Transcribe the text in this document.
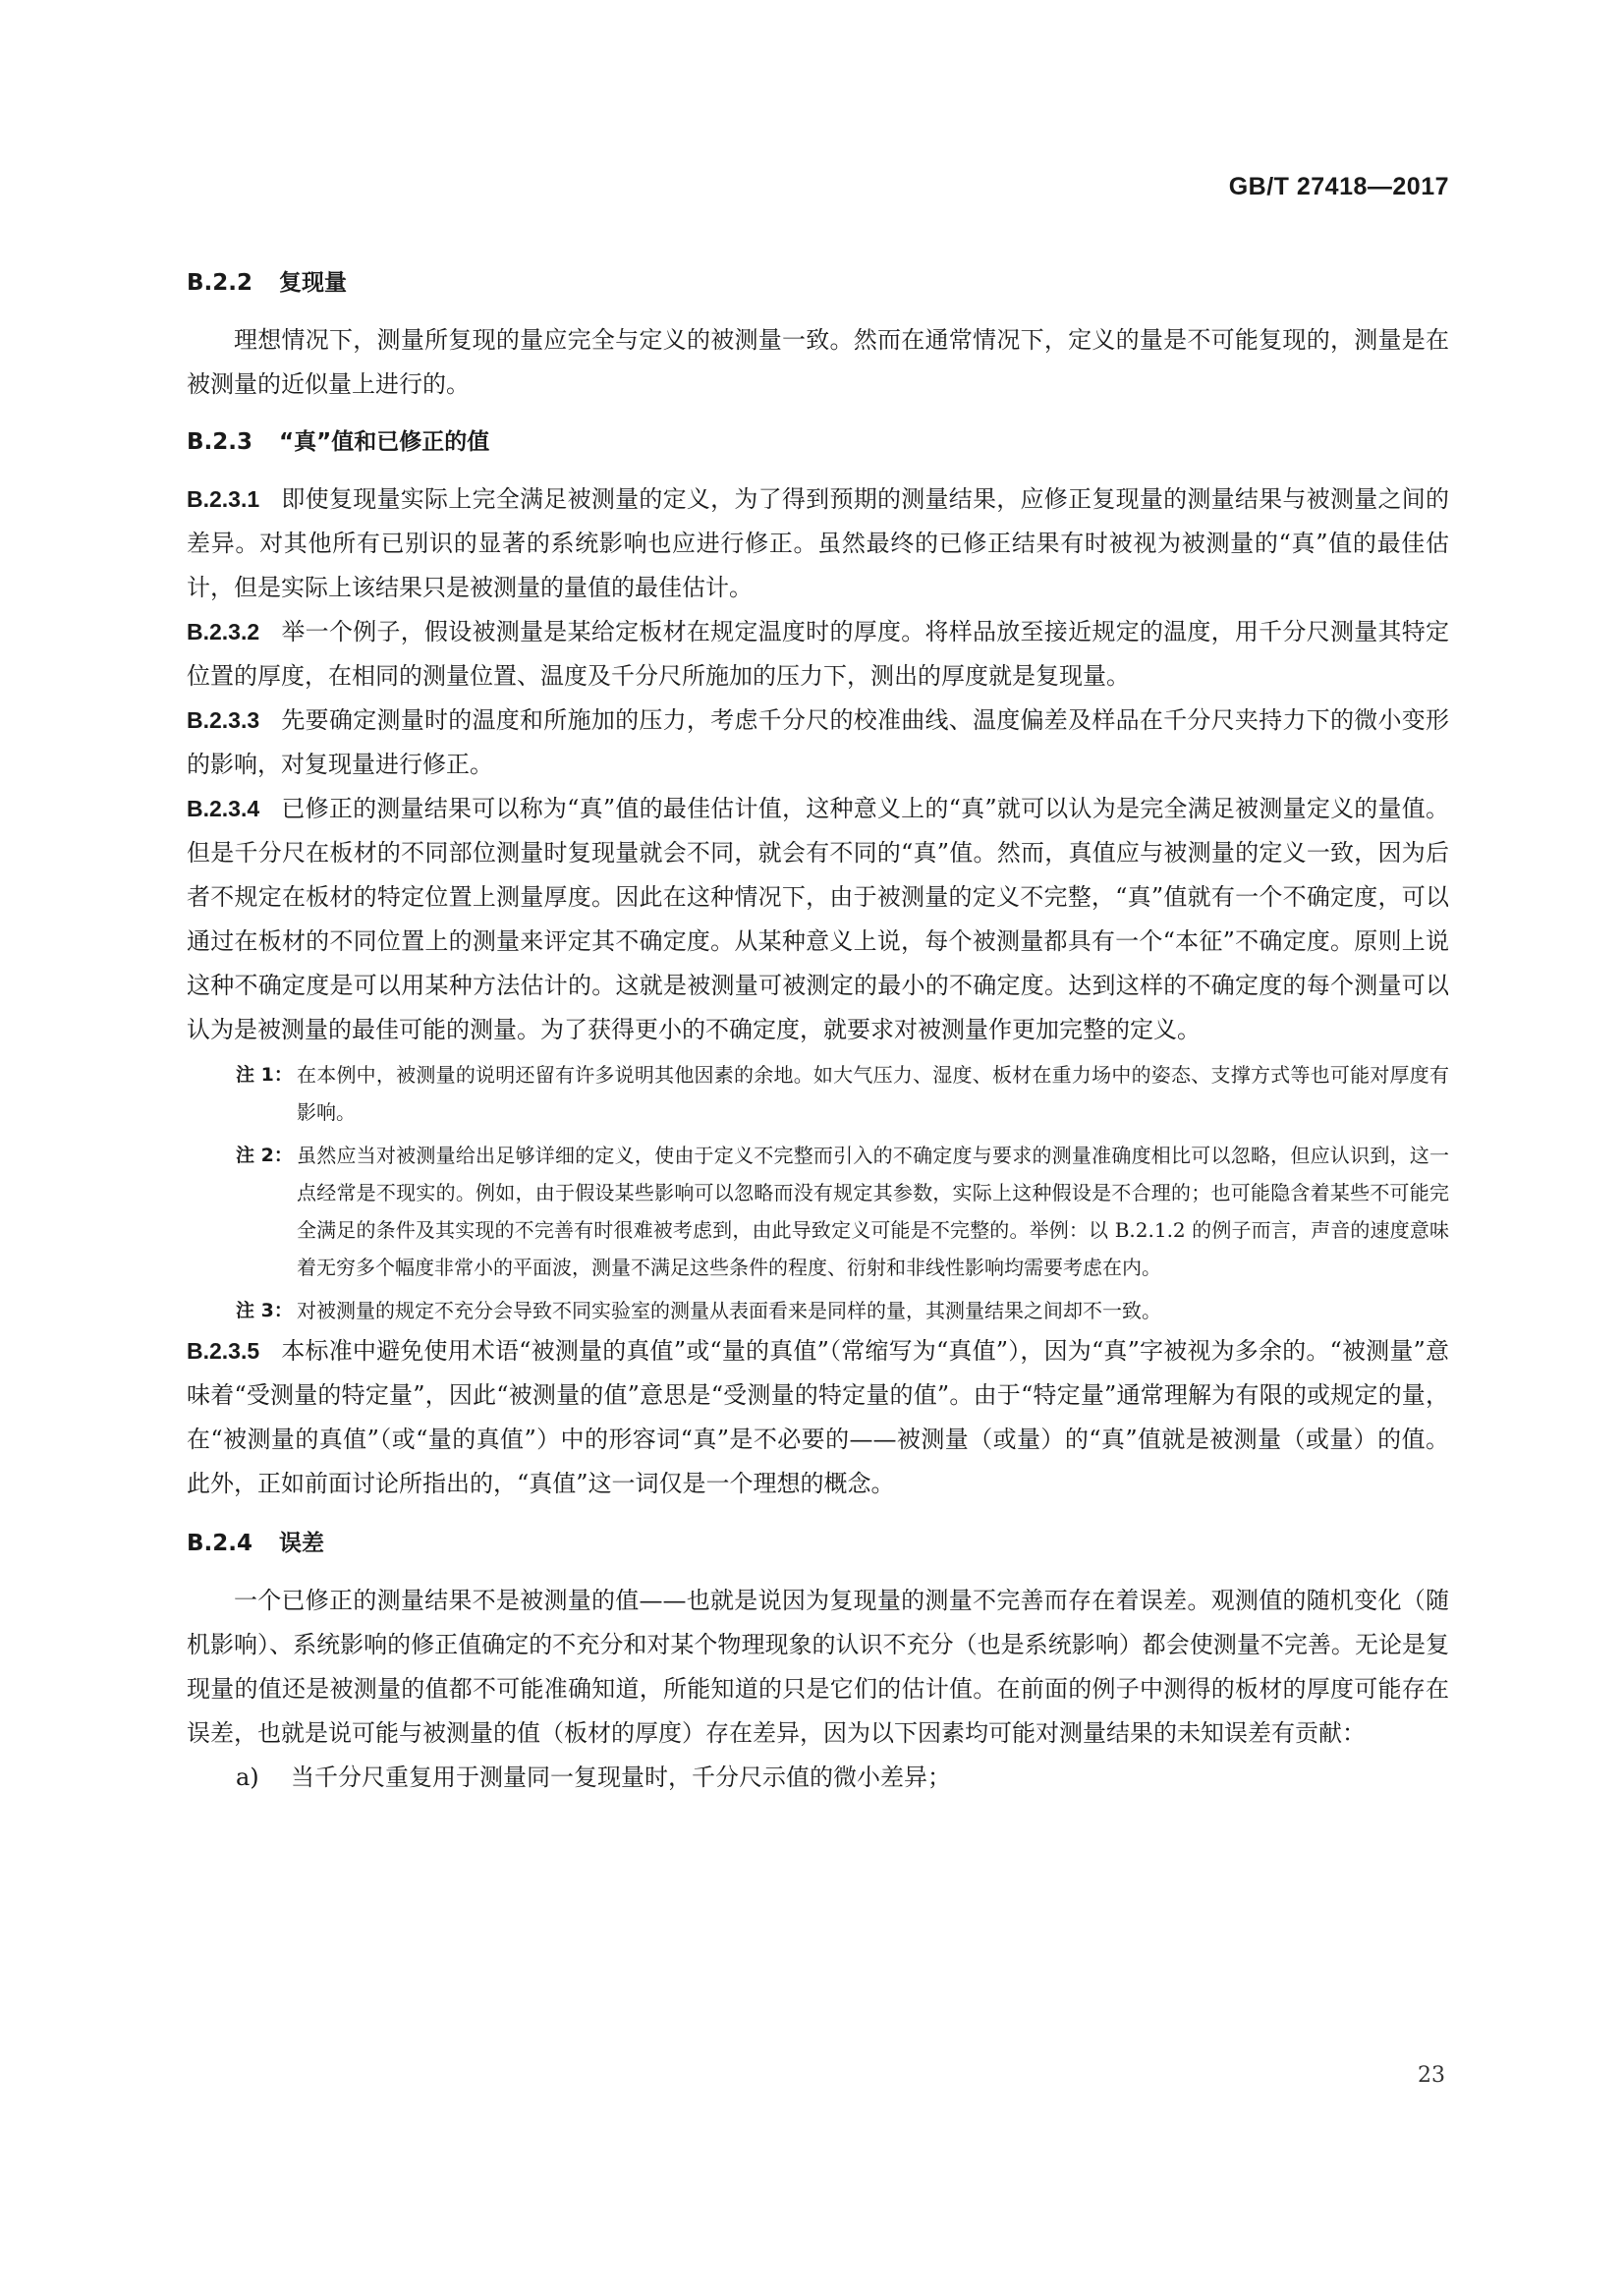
GB/T 27418—2017
B.2.2 复现量
理想情况下，测量所复现的量应完全与定义的被测量一致。然而在通常情况下，定义的量是不可能复现的，测量是在被测量的近似量上进行的。
B.2.3 “真”值和已修正的值
B.2.3.1 即使复现量实际上完全满足被测量的定义，为了得到预期的测量结果，应修正复现量的测量结果与被测量之间的差异。对其他所有已别识的显著的系统影响也应进行修正。虽然最终的已修正结果有时被视为被测量的“真”值的最佳估计，但是实际上该结果只是被测量的量值的最佳估计。
B.2.3.2 举一个例子，假设被测量是某给定板材在规定温度时的厚度。将样品放至接近规定的温度，用千分尺测量其特定位置的厚度，在相同的测量位置、温度及千分尺所施加的压力下，测出的厚度就是复现量。
B.2.3.3 先要确定测量时的温度和所施加的压力，考虑千分尺的校准曲线、温度偏差及样品在千分尺夹持力下的微小变形的影响，对复现量进行修正。
B.2.3.4 已修正的测量结果可以称为“真”值的最佳估计值，这种意义上的“真”就可以认为是完全满足被测量定义的量值。但是千分尺在板材的不同部位测量时复现量就会不同，就会有不同的“真”值。然而，真值应与被测量的定义一致，因为后者不规定在板材的特定位置上测量厚度。因此在这种情况下，由于被测量的定义不完整，“真”值就有一个不确定度，可以通过在板材的不同位置上的测量来评定其不确定度。从某种意义上说，每个被测量都具有一个“本征”不确定度。原则上说这种不确定度是可以用某种方法估计的。这就是被测量可被测定的最小的不确定度。达到这样的不确定度的每个测量可以认为是被测量的最佳可能的测量。为了获得更小的不确定度，就要求对被测量作更加完整的定义。
注 1： 在本例中，被测量的说明还留有许多说明其他因素的余地。如大气压力、湿度、板材在重力场中的姿态、支撑方式等也可能对厚度有影响。
注 2： 虽然应当对被测量给出足够详细的定义，使由于定义不完整而引入的不确定度与要求的测量准确度相比可以忽略，但应认识到，这一点经常是不现实的。例如，由于假设某些影响可以忽略而没有规定其参数，实际上这种假设是不合理的；也可能隐含着某些不可能完全满足的条件及其实现的不完善有时很难被考虑到，由此导致定义可能是不完整的。举例：以 B.2.1.2 的例子而言，声音的速度意味着无穷多个幅度非常小的平面波，测量不满足这些条件的程度、衍射和非线性影响均需要考虑在内。
注 3： 对被测量的规定不充分会导致不同实验室的测量从表面看来是同样的量，其测量结果之间却不一致。
B.2.3.5 本标准中避免使用术语“被测量的真值”或“量的真值”（常缩写为“真值”），因为“真”字被视为多余的。“被测量”意味着“受测量的特定量”，因此“被测量的值”意思是“受测量的特定量的值”。由于“特定量”通常理解为有限的或规定的量，在“被测量的真值”（或“量的真值”）中的形容词“真”是不必要的——被测量（或量）的“真”值就是被测量（或量）的值。此外，正如前面讨论所指出的，“真值”这一词仅是一个理想的概念。
B.2.4 误差
一个已修正的测量结果不是被测量的值——也就是说因为复现量的测量不完善而存在着误差。观测值的随机变化（随机影响）、系统影响的修正值确定的不充分和对某个物理现象的认识不充分（也是系统影响）都会使测量不完善。无论是复现量的值还是被测量的值都不可能准确知道，所能知道的只是它们的估计值。在前面的例子中测得的板材的厚度可能存在误差，也就是说可能与被测量的值（板材的厚度）存在差异，因为以下因素均可能对测量结果的未知误差有贡献：
a)	当千分尺重复用于测量同一复现量时，千分尺示值的微小差异；
23
